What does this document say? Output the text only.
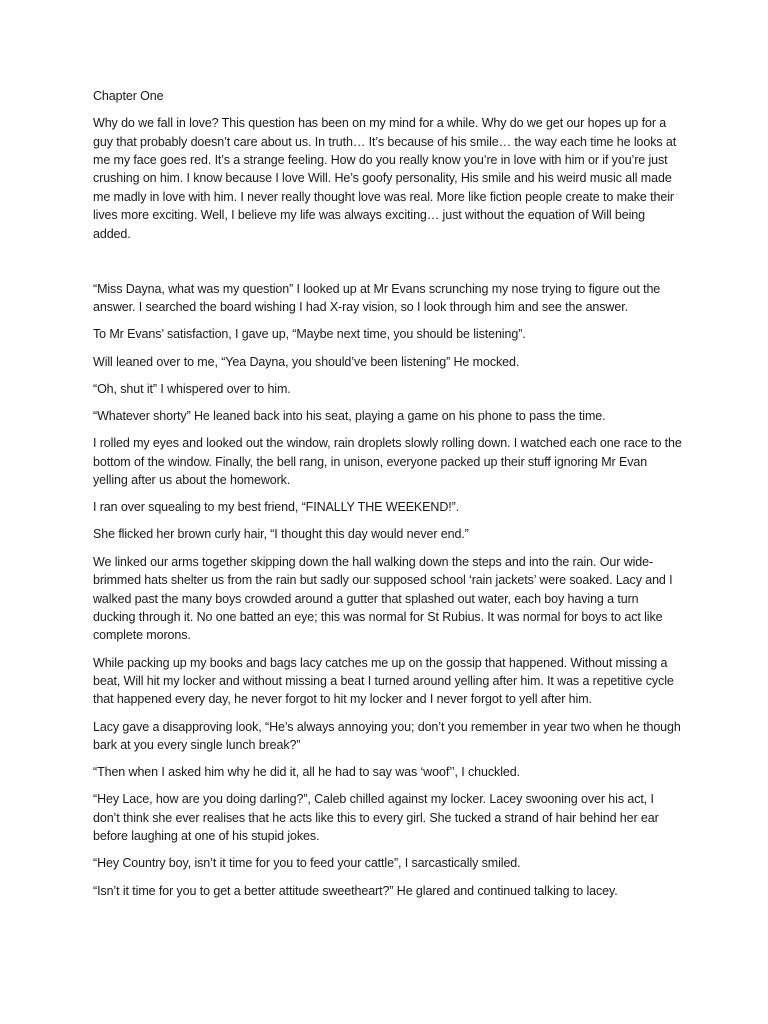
Chapter One

Why do we fall in love? This question has been on my mind for a while. Why do we get our hopes up for a guy that probably doesn’t care about us. In truth… It’s because of his smile… the way each time he looks at me my face goes red. It’s a strange feeling. How do you really know you’re in love with him or if you’re just crushing on him. I know because I love Will. He’s goofy personality, His smile and his weird music all made me madly in love with him. I never really thought love was real. More like fiction people create to make their lives more exciting. Well, I believe my life was always exciting… just without the equation of Will being added.

“Miss Dayna, what was my question” I looked up at Mr Evans scrunching my nose trying to figure out the answer. I searched the board wishing I had X-ray vision, so I look through him and see the answer.

To Mr Evans’ satisfaction, I gave up, “Maybe next time, you should be listening”.

Will leaned over to me, “Yea Dayna, you should’ve been listening” He mocked.

“Oh, shut it” I whispered over to him.

“Whatever shorty” He leaned back into his seat, playing a game on his phone to pass the time.

I rolled my eyes and looked out the window, rain droplets slowly rolling down. I watched each one race to the bottom of the window. Finally, the bell rang, in unison, everyone packed up their stuff ignoring Mr Evan yelling after us about the homework.

I ran over squealing to my best friend, “FINALLY THE WEEKEND!”.

She flicked her brown curly hair, “I thought this day would never end.”

We linked our arms together skipping down the hall walking down the steps and into the rain. Our wide-brimmed hats shelter us from the rain but sadly our supposed school ‘rain jackets’ were soaked. Lacy and I walked past the many boys crowded around a gutter that splashed out water, each boy having a turn ducking through it. No one batted an eye; this was normal for St Rubius. It was normal for boys to act like complete morons.

While packing up my books and bags lacy catches me up on the gossip that happened. Without missing a beat, Will hit my locker and without missing a beat I turned around yelling after him. It was a repetitive cycle that happened every day, he never forgot to hit my locker and I never forgot to yell after him.

Lacy gave a disapproving look, “He’s always annoying you; don’t you remember in year two when he though bark at you every single lunch break?”

“Then when I asked him why he did it, all he had to say was ‘woof’’, I chuckled.

“Hey Lace, how are you doing darling?”, Caleb chilled against my locker. Lacey swooning over his act, I don’t think she ever realises that he acts like this to every girl. She tucked a strand of hair behind her ear before laughing at one of his stupid jokes.

“Hey Country boy, isn’t it time for you to feed your cattle”, I sarcastically smiled.

“Isn’t it time for you to get a better attitude sweetheart?” He glared and continued talking to lacey.
